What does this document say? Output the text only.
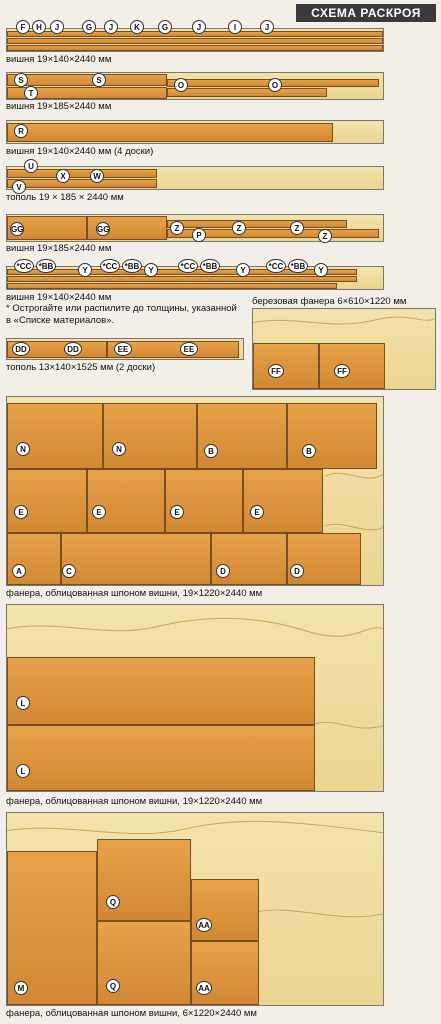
СХЕМА РАСКРОЯ
F	H	J	G	J	K	G	J	I	J
вишня 19×140×2440 мм
S	S
T
O	O
вишня 19×185×2440 мм
R
вишня 19×140×2440 мм (4 доски)
U
X	W
V
тополь 19 × 185 × 2440 мм
GG	GG	Z
P
Z	Z
Z
вишня 19×185×2440 мм
*CC *BB	Y	*CC *BB	Y	*CC *BB	Y	*CC *BB	Y
вишня 19×140×2440 мм
* Острогайте или распилите до толщины, указанной в «Списке материалов».
DD	DD	EE	EE
тополь 13×140×1525 мм (2 доски)
березовая фанера 6×610×1220 мм
FF	FF
N	N	B	B
E	E	E	E
A	C	D	D
фанера, облицованная шпоном вишни, 19×1220×2440 мм
L
L
фанера, облицованная шпоном вишни, 19×1220×2440 мм
Q
Q
M
AA
AA
фанера, облицованная шпоном вишни, 6×1220×2440 мм
